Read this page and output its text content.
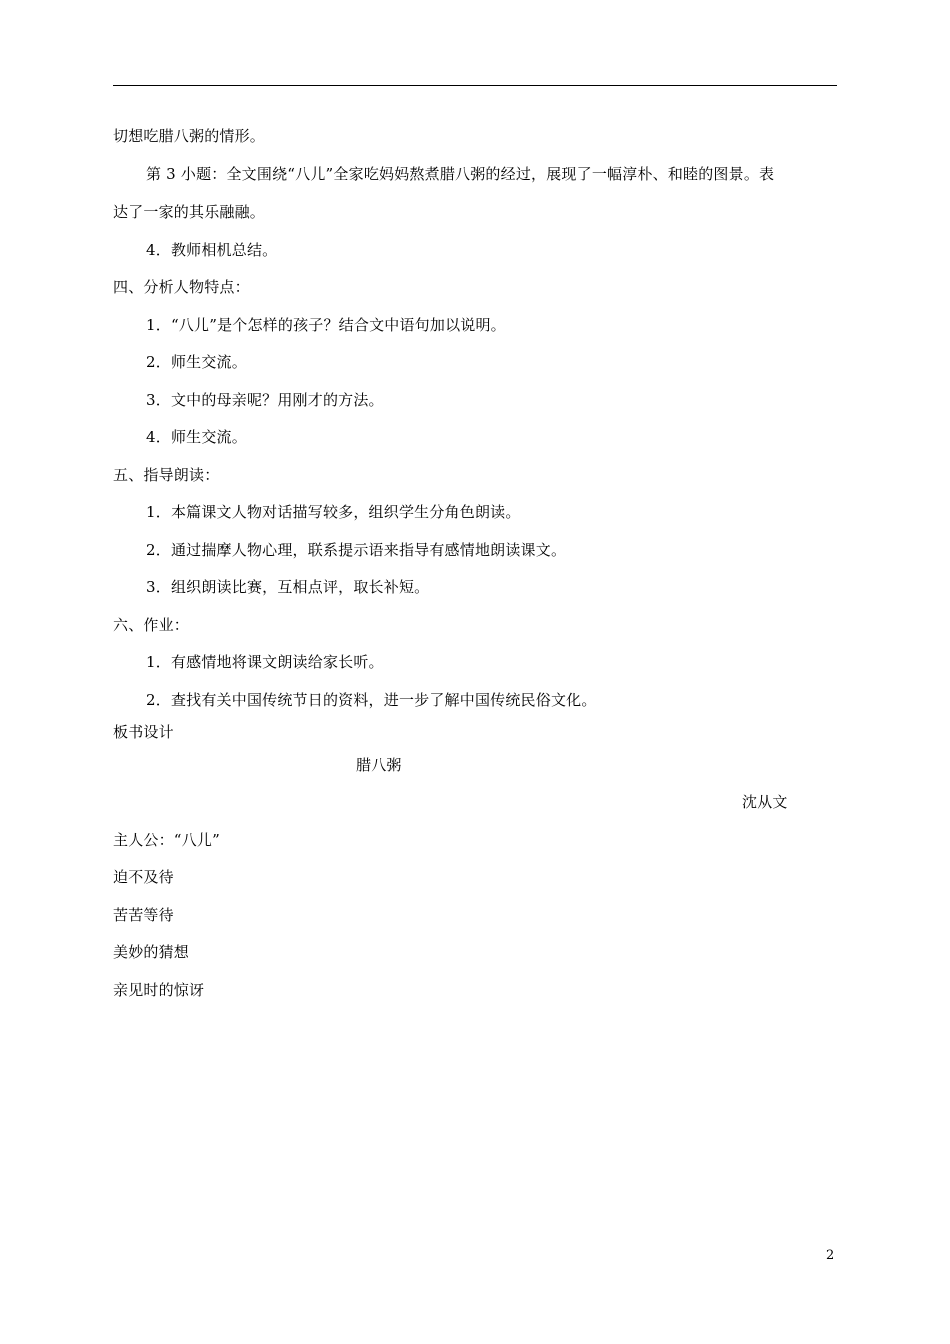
切想吃腊八粥的情形。
第 3 小题：全文围绕“八儿”全家吃妈妈熬煮腊八粥的经过，展现了一幅淳朴、和睦的图景。表
达了一家的其乐融融。
4．教师相机总结。
四、分析人物特点：
1．“八儿”是个怎样的孩子？结合文中语句加以说明。
2．师生交流。
3．文中的母亲呢？用刚才的方法。
4．师生交流。
五、指导朗读：
1．本篇课文人物对话描写较多，组织学生分角色朗读。
2．通过揣摩人物心理，联系提示语来指导有感情地朗读课文。
3．组织朗读比赛，互相点评，取长补短。
六、作业：
1．有感情地将课文朗读给家长听。
2．查找有关中国传统节日的资料，进一步了解中国传统民俗文化。
板书设计
腊八粥
沈从文
主人公：“八儿”
迫不及待
苦苦等待
美妙的猜想
亲见时的惊讶
2
